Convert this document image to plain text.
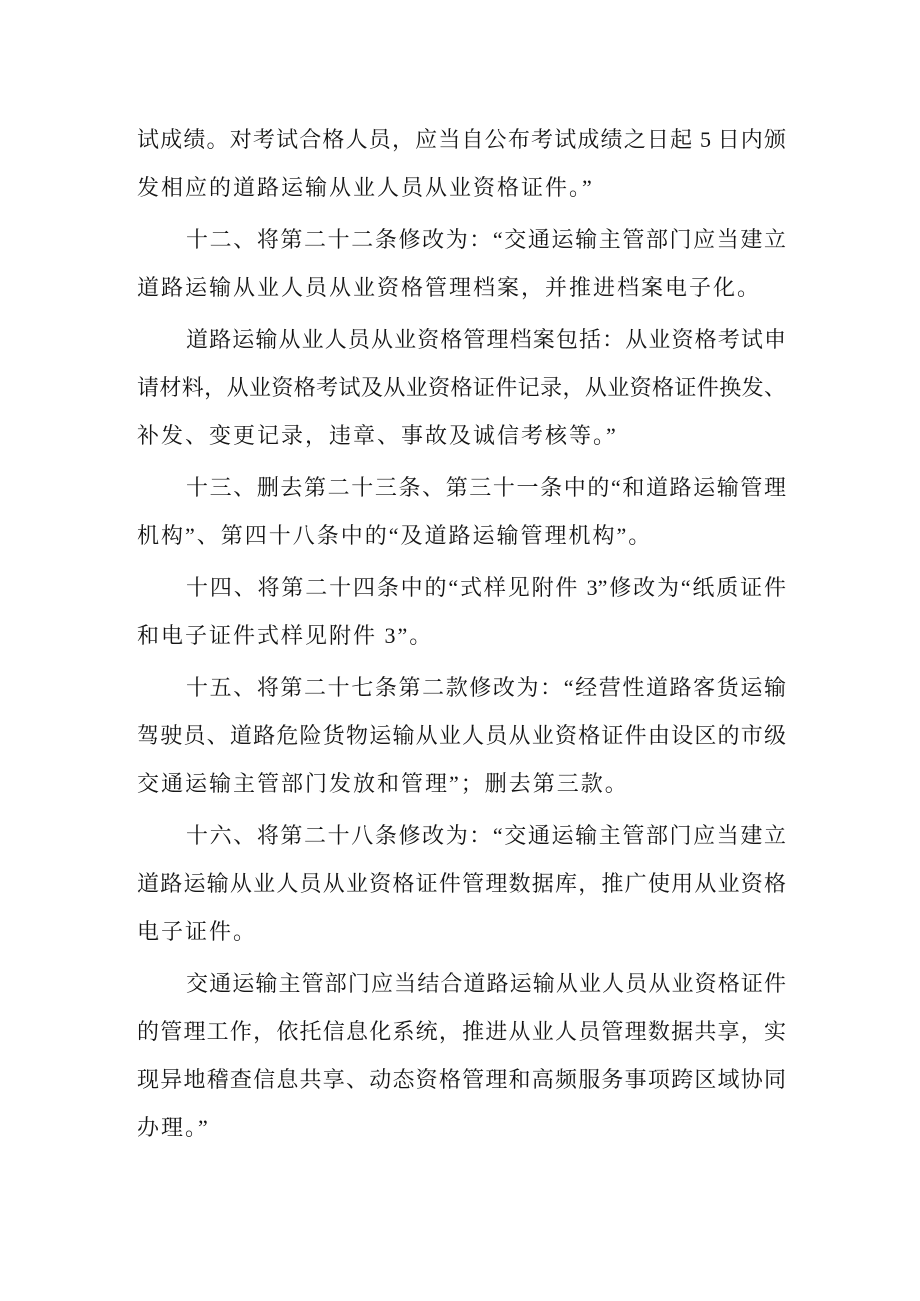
试成绩。对考试合格人员，应当自公布考试成绩之日起 5 日内颁
发相应的道路运输从业人员从业资格证件。”
十二、将第二十二条修改为：“交通运输主管部门应当建立
道路运输从业人员从业资格管理档案，并推进档案电子化。
道路运输从业人员从业资格管理档案包括：从业资格考试申
请材料，从业资格考试及从业资格证件记录，从业资格证件换发、
补发、变更记录，违章、事故及诚信考核等。”
十三、删去第二十三条、第三十一条中的“和道路运输管理
机构”、第四十八条中的“及道路运输管理机构”。
十四、将第二十四条中的“式样见附件 3”修改为“纸质证件
和电子证件式样见附件 3”。
十五、将第二十七条第二款修改为：“经营性道路客货运输
驾驶员、道路危险货物运输从业人员从业资格证件由设区的市级
交通运输主管部门发放和管理”；删去第三款。
十六、将第二十八条修改为：“交通运输主管部门应当建立
道路运输从业人员从业资格证件管理数据库，推广使用从业资格
电子证件。
交通运输主管部门应当结合道路运输从业人员从业资格证件
的管理工作，依托信息化系统，推进从业人员管理数据共享，实
现异地稽查信息共享、动态资格管理和高频服务事项跨区域协同
办理。”
